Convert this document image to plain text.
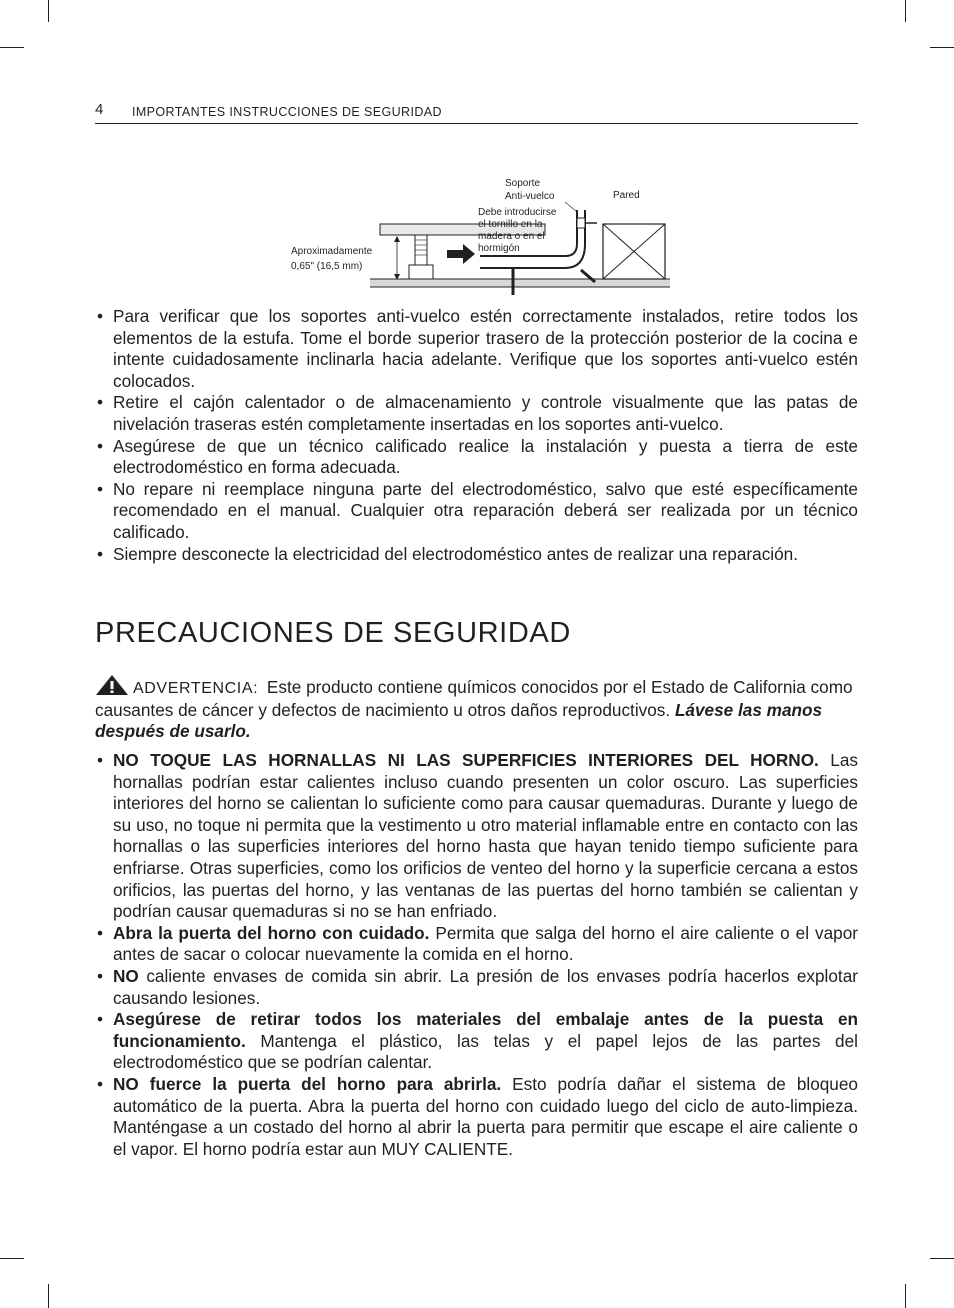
4 IMPORTANTES INSTRUCCIONES DE SEGURIDAD
Soporte
Anti-vuelco	Pared
Debe introducirse
el tornillo en la
madera o en el
hormigón
Aproximadamente
0,65" (16,5 mm)
• Para verificar que los soportes anti-vuelco estén correctamente instalados, retire todos los elementos de la estufa. Tome el borde superior trasero de la protección posterior de la cocina e intente cuidadosamente inclinarla hacia adelante. Verifique que los soportes anti-vuelco estén colocados.
• Retire el cajón calentador o de almacenamiento y controle visualmente que las patas de nivelación traseras estén completamente insertadas en los soportes anti-vuelco.
• Asegúrese de que un técnico calificado realice la instalación y puesta a tierra de este electrodoméstico en forma adecuada.
• No repare ni reemplace ninguna parte del electrodoméstico, salvo que esté específicamente recomendado en el manual. Cualquier otra reparación deberá ser realizada por un técnico calificado.
• Siempre desconecte la electricidad del electrodoméstico antes de realizar una reparación.
PRECAUCIONES DE SEGURIDAD
ADVERTENCIA: Este producto contiene químicos conocidos por el Estado de California como causantes de cáncer y defectos de nacimiento u otros daños reproductivos. Lávese las manos después de usarlo.
• NO TOQUE LAS HORNALLAS NI LAS SUPERFICIES INTERIORES DEL HORNO. Las hornallas podrían estar calientes incluso cuando presenten un color oscuro. Las superficies interiores del horno se calientan lo suficiente como para causar quemaduras. Durante y luego de su uso, no toque ni permita que la vestimento u otro material inflamable entre en contacto con las hornallas o las superficies interiores del horno hasta que hayan tenido tiempo suficiente para enfriarse. Otras superficies, como los orificios de venteo del horno y la superficie cercana a estos orificios, las puertas del horno, y las ventanas de las puertas del horno también se calientan y podrían causar quemaduras si no se han enfriado.
• Abra la puerta del horno con cuidado. Permita que salga del horno el aire caliente o el vapor antes de sacar o colocar nuevamente la comida en el horno.
• NO caliente envases de comida sin abrir. La presión de los envases podría hacerlos explotar causando lesiones.
• Asegúrese de retirar todos los materiales del embalaje antes de la puesta en funcionamiento. Mantenga el plástico, las telas y el papel lejos de las partes del electrodoméstico que se podrían calentar.
• NO fuerce la puerta del horno para abrirla. Esto podría dañar el sistema de bloqueo automático de la puerta. Abra la puerta del horno con cuidado luego del ciclo de auto-limpieza. Manténgase a un costado del horno al abrir la puerta para permitir que escape el aire caliente o el vapor. El horno podría estar aun MUY CALIENTE.
